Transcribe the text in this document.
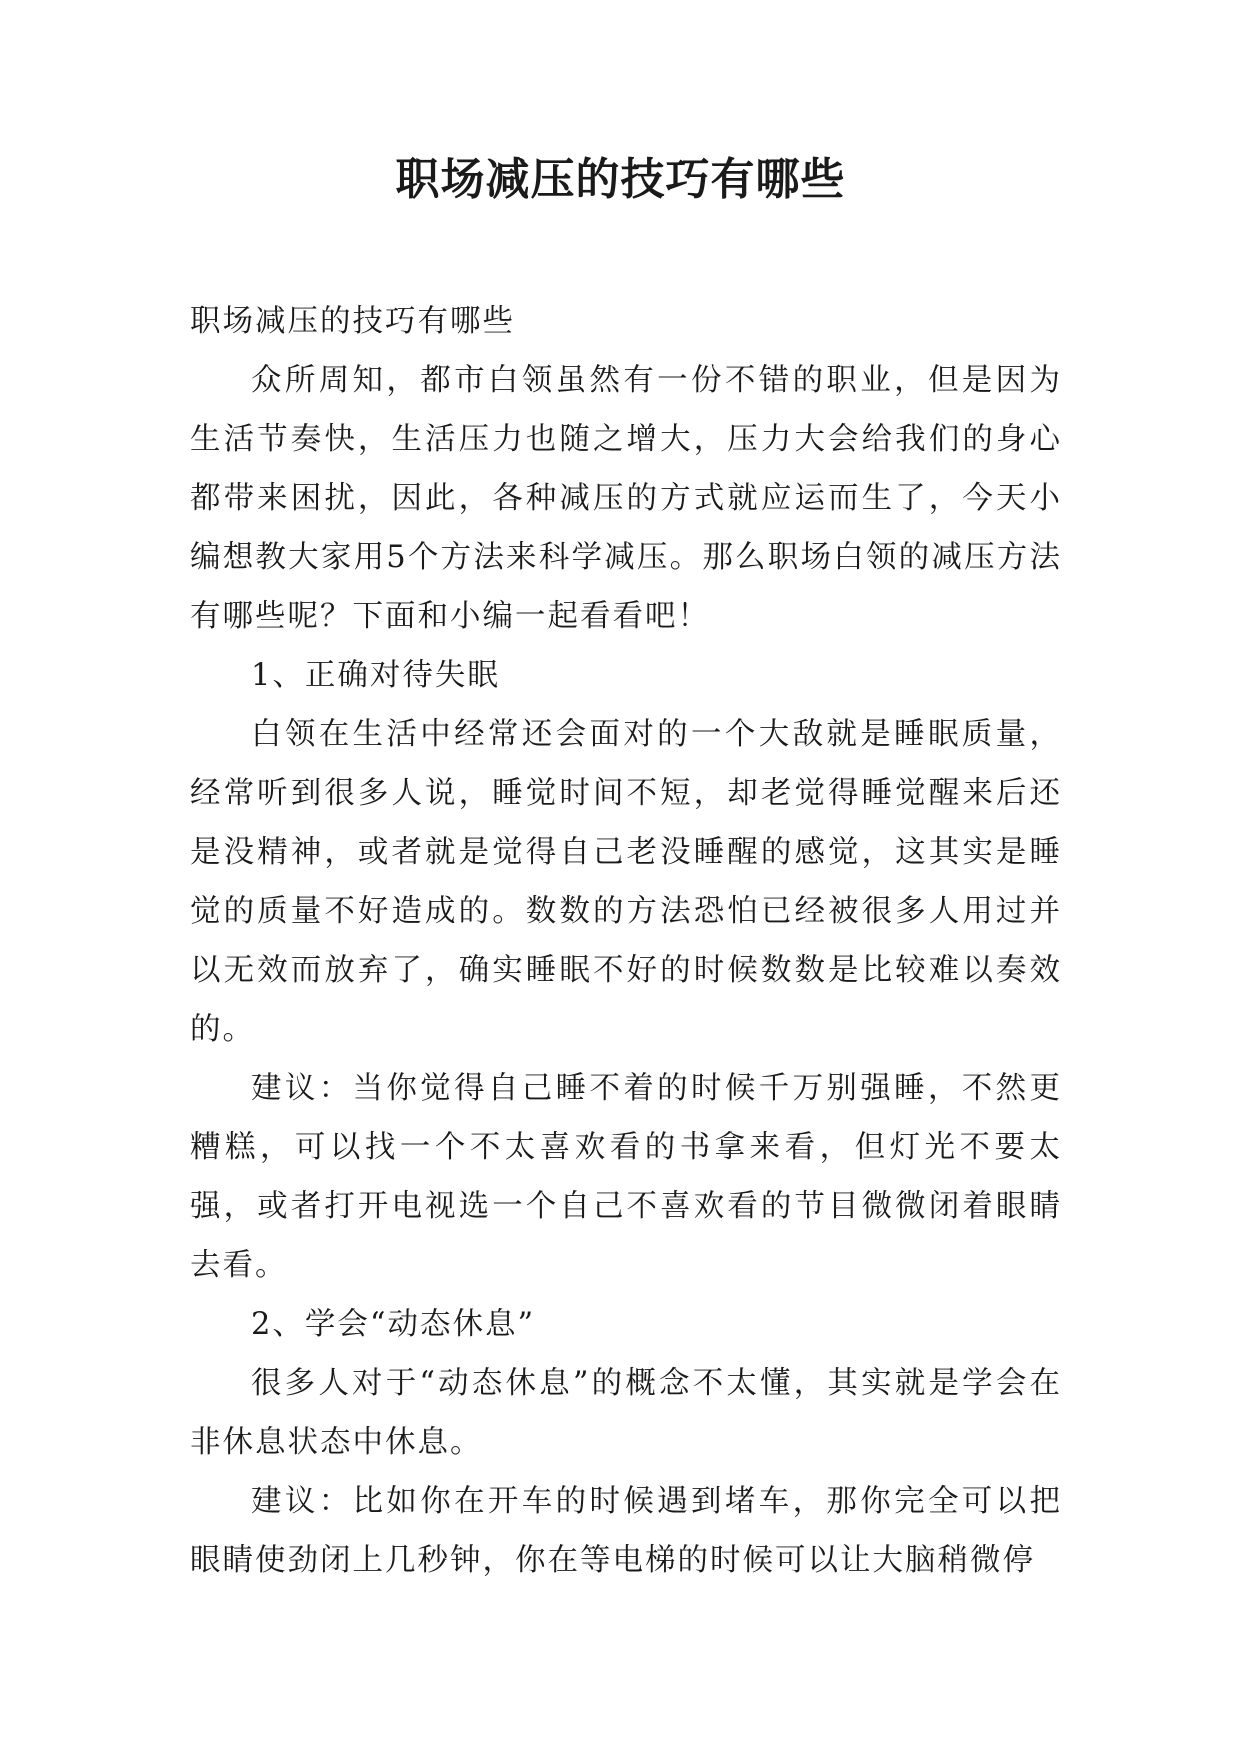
职场减压的技巧有哪些

职场减压的技巧有哪些

众所周知，都市白领虽然有一份不错的职业，但是因为生活节奏快，生活压力也随之增大，压力大会给我们的身心都带来困扰，因此，各种减压的方式就应运而生了，今天小编想教大家用5个方法来科学减压。那么职场白领的减压方法有哪些呢？下面和小编一起看看吧！

1、正确对待失眠

白领在生活中经常还会面对的一个大敌就是睡眠质量，经常听到很多人说，睡觉时间不短，却老觉得睡觉醒来后还是没精神，或者就是觉得自己老没睡醒的感觉，这其实是睡觉的质量不好造成的。数数的方法恐怕已经被很多人用过并以无效而放弃了，确实睡眠不好的时候数数是比较难以奏效的。

建议：当你觉得自己睡不着的时候千万别强睡，不然更糟糕，可以找一个不太喜欢看的书拿来看，但灯光不要太强，或者打开电视选一个自己不喜欢看的节目微微闭着眼睛去看。

2、学会“动态休息”

很多人对于“动态休息”的概念不太懂，其实就是学会在非休息状态中休息。

建议：比如你在开车的时候遇到堵车，那你完全可以把眼睛使劲闭上几秒钟，你在等电梯的时候可以让大脑稍微停
